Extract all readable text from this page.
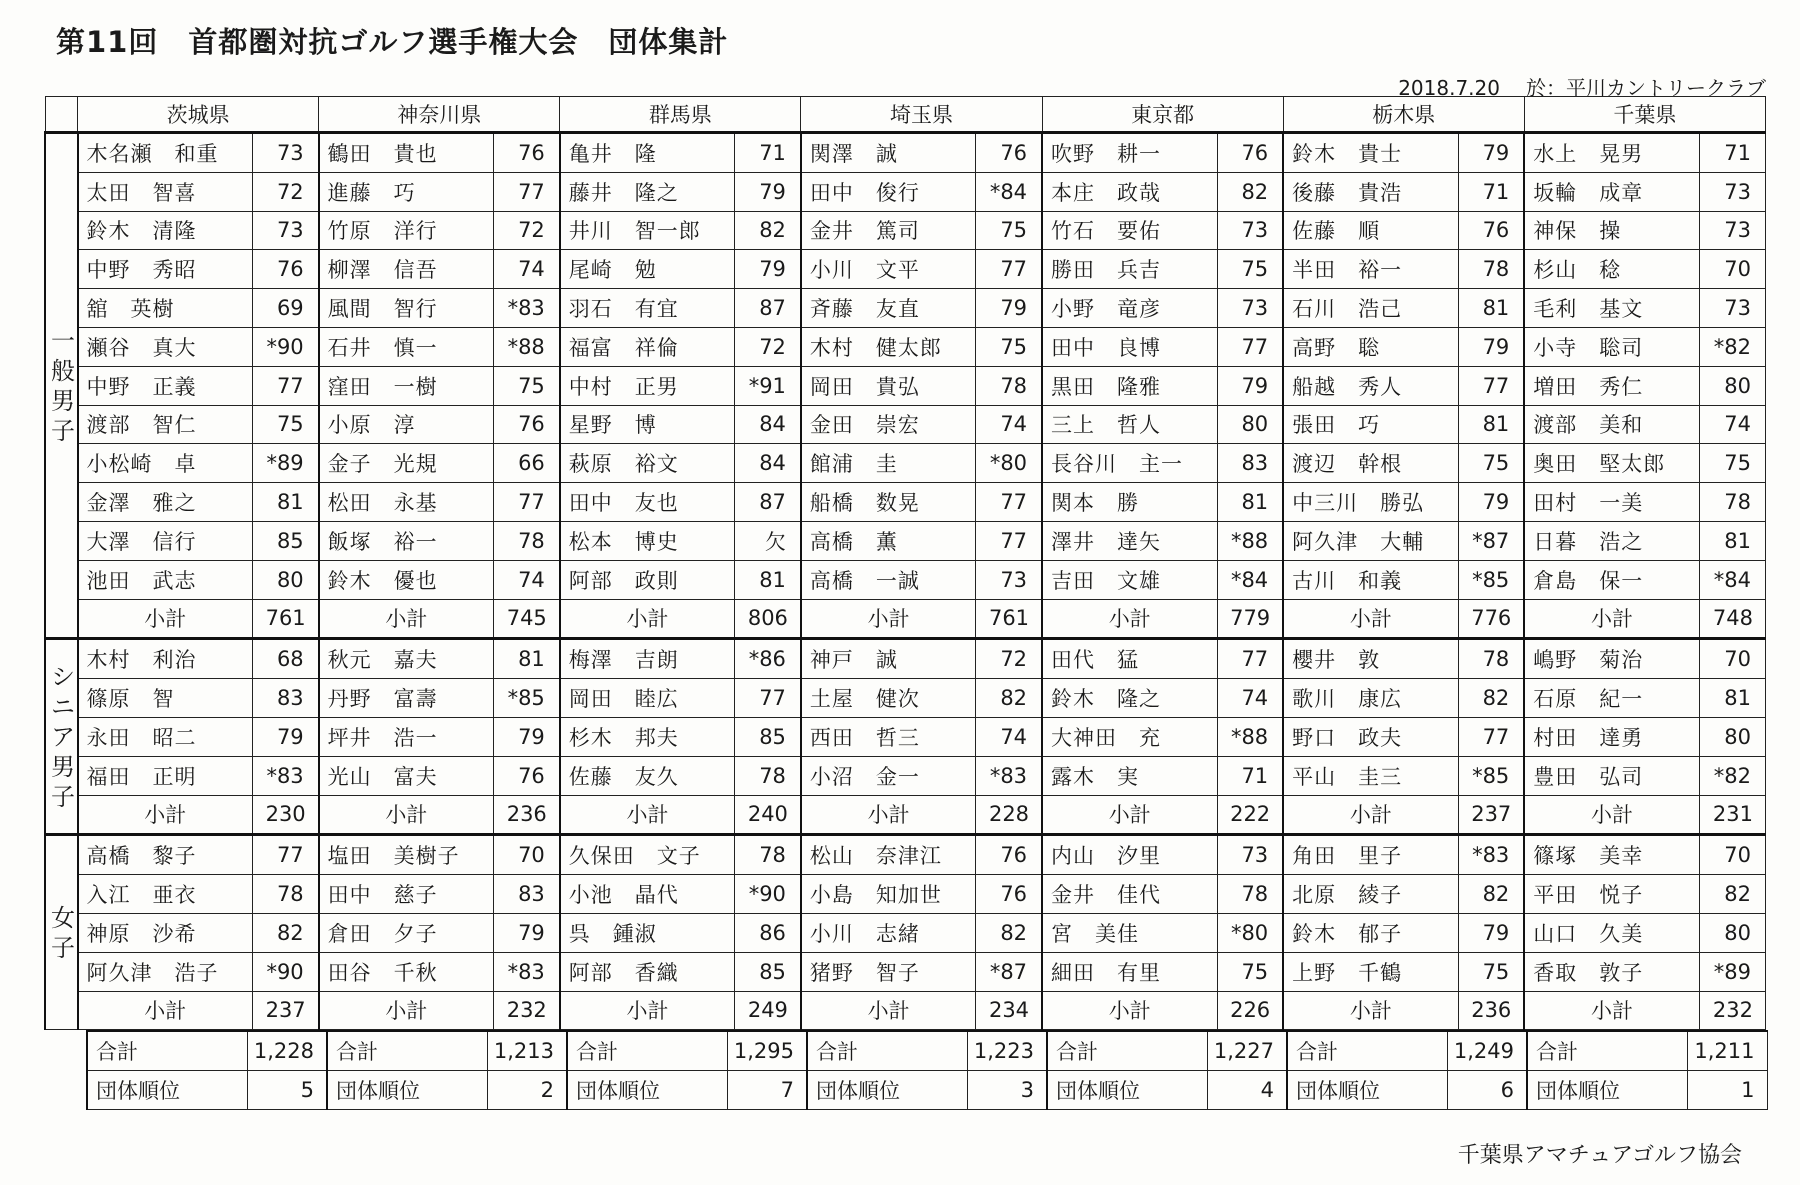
第11回　首都圏対抗ゴルフ選手権大会　団体集計
2018.7.20 於：平川カントリークラブ
	茨城県		神奈川県		群馬県		埼玉県		東京都		栃木県		千葉県	
一般男子	木名瀬　和重	73	鶴田　貴也	76	亀井　隆	71	関澤　誠	76	吹野　耕一	76	鈴木　貴士	79	水上　晃男	71
	太田　智喜	72	進藤　巧	77	藤井　隆之	79	田中　俊行	*84	本庄　政哉	82	後藤　貴浩	71	坂輪　成章	73
	鈴木　清隆	73	竹原　洋行	72	井川　智一郎	82	金井　篤司	75	竹石　要佑	73	佐藤　順	76	神保　操	73
	中野　秀昭	76	柳澤　信吾	74	尾崎　勉	79	小川　文平	77	勝田　兵吉	75	半田　裕一	78	杉山　稔	70
	舘　英樹	69	風間　智行	*83	羽石　有宜	87	斉藤　友直	79	小野　竜彦	73	石川　浩己	81	毛利　基文	73
	瀬谷　真大	*90	石井　慎一	*88	福富　祥倫	72	木村　健太郎	75	田中　良博	77	高野　聡	79	小寺　聡司	*82
	中野　正義	77	窪田　一樹	75	中村　正男	*91	岡田　貴弘	78	黒田　隆雅	79	船越　秀人	77	増田　秀仁	80
	渡部　智仁	75	小原　淳	76	星野　博	84	金田　崇宏	74	三上　哲人	80	張田　巧	81	渡部　美和	74
	小松崎　卓	*89	金子　光規	66	萩原　裕文	84	館浦　圭	*80	長谷川　主一	83	渡辺　幹根	75	奥田　堅太郎	75
	金澤　雅之	81	松田　永基	77	田中　友也	87	船橋　数晃	77	関本　勝	81	中三川　勝弘	79	田村　一美	78
	大澤　信行	85	飯塚　裕一	78	松本　博史	欠	高橋　薫	77	澤井　達矢	*88	阿久津　大輔	*87	日暮　浩之	81
	池田　武志	80	鈴木　優也	74	阿部　政則	81	高橋　一誠	73	吉田　文雄	*84	古川　和義	*85	倉島　保一	*84
	小計	761	小計	745	小計	806	小計	761	小計	779	小計	776	小計	748
シニア男子	木村　利治	68	秋元　嘉夫	81	梅澤　吉朗	*86	神戸　誠	72	田代　猛	77	櫻井　敦	78	嶋野　菊治	70
	篠原　智	83	丹野　富壽	*85	岡田　睦広	77	土屋　健次	82	鈴木　隆之	74	歌川　康広	82	石原　紀一	81
	永田　昭二	79	坪井　浩一	79	杉木　邦夫	85	西田　哲三	74	大神田　充	*88	野口　政夫	77	村田　達勇	80
	福田　正明	*83	光山　富夫	76	佐藤　友久	78	小沼　金一	*83	露木　実	71	平山　圭三	*85	豊田　弘司	*82
	小計	230	小計	236	小計	240	小計	228	小計	222	小計	237	小計	231
女子	高橋　黎子	77	塩田　美樹子	70	久保田　文子	78	松山　奈津江	76	内山　汐里	73	角田　里子	*83	篠塚　美幸	70
	入江　亜衣	78	田中　慈子	83	小池　晶代	*90	小島　知加世	76	金井　佳代	78	北原　綾子	82	平田　悦子	82
	神原　沙希	82	倉田　夕子	79	呉　鍾淑	86	小川　志緒	82	宮　美佳	*80	鈴木　郁子	79	山口　久美	80
	阿久津　浩子	*90	田谷　千秋	*83	阿部　香織	85	猪野　智子	*87	細田　有里	75	上野　千鶴	75	香取　敦子	*89
	小計	237	小計	232	小計	249	小計	234	小計	226	小計	236	小計	232
合計	1,228	合計	1,213	合計	1,295	合計	1,223	合計	1,227	合計	1,249	合計	1,211
団体順位	5	団体順位	2	団体順位	7	団体順位	3	団体順位	4	団体順位	6	団体順位	1
千葉県アマチュアゴルフ協会
